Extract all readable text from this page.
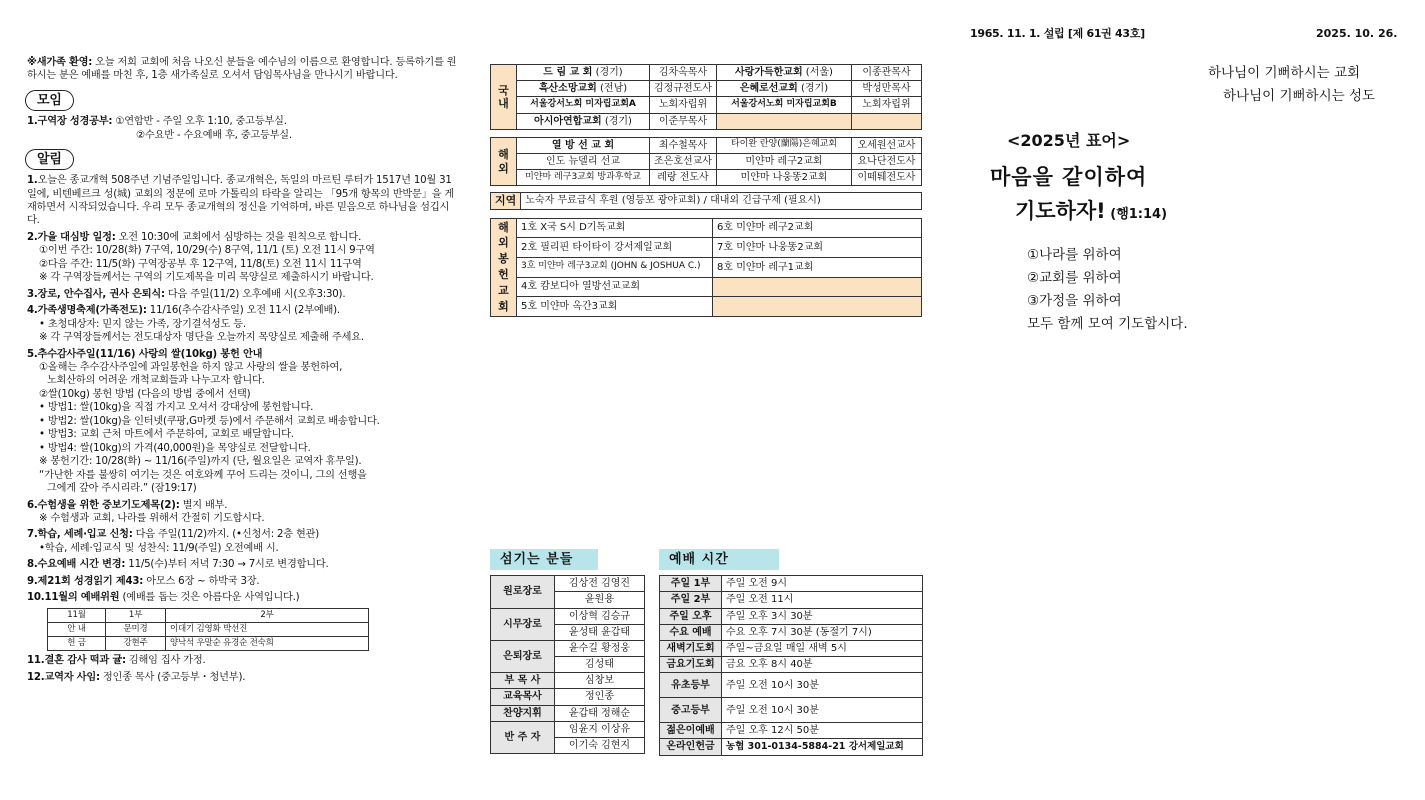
1965. 11. 1. 설립 [제 61권 43호]	2025. 10. 26.
※새가족 환영: 오늘 저희 교회에 처음 나오신 분들을 예수님의 이름으로 환영합니다. 등록하기를 원하시는 분은 예배를 마친 후, 1층 새가족실로 오셔서 담임목사님을 만나시기 바랍니다.
모임
1.구역장 성경공부: ①연합반 - 주일 오후 1:10, 중고등부실.
②수요반 - 수요예배 후, 중고등부실.
알림
1.오늘은 종교개혁 508주년 기념주일입니다. 종교개혁은, 독일의 마르틴 루터가 1517년 10월 31일에, 비텐베르크 성(城) 교회의 정문에 로마 가톨릭의 타락을 알리는 「95개 항목의 반박문」을 게재하면서 시작되었습니다. 우리 모두 종교개혁의 정신을 기억하며, 바른 믿음으로 하나님을 섬깁시다.
2.가을 대심방 일정: 오전 10:30에 교회에서 심방하는 것을 원칙으로 합니다.
①이번 주간: 10/28(화) 7구역, 10/29(수) 8구역, 11/1 (토) 오전 11시 9구역
②다음 주간: 11/5(화) 구역장공부 후 12구역, 11/8(토) 오전 11시 11구역
※ 각 구역장들께서는 구역의 기도제목을 미리 목양실로 제출하시기 바랍니다.
3.장로, 안수집사, 권사 은퇴식: 다음 주일(11/2) 오후예배 시(오후3:30).
4.가족생명축제(가족전도): 11/16(추수감사주일) 오전 11시 (2부예배).
• 초청대상자: 믿지 않는 가족, 장기결석성도 등.
※ 각 구역장들께서는 전도대상자 명단을 오늘까지 목양실로 제출해 주세요.
5.추수감사주일(11/16) 사랑의 쌀(10kg) 봉헌 안내
①올해는 추수감사주일에 과일봉헌을 하지 않고 사랑의 쌀을 봉헌하여,
노회산하의 어려운 개척교회들과 나누고자 합니다.
②쌀(10kg) 봉헌 방법 (다음의 방법 중에서 선택)
• 방법1: 쌀(10kg)을 직접 가지고 오셔서 강대상에 봉헌합니다.
• 방법2: 쌀(10kg)을 인터넷(쿠팡,G마켓 등)에서 주문해서 교회로 배송합니다.
• 방법3: 교회 근처 마트에서 주문하여, 교회로 배달합니다.
• 방법4: 쌀(10kg)의 가격(40,000원)을 목양실로 전달합니다.
※ 봉헌기간: 10/28(화) ~ 11/16(주일)까지 (단, 월요일은 교역자 휴무일).
“가난한 자를 불쌍히 여기는 것은 여호와께 꾸어 드리는 것이니, 그의 선행을
그에게 갚아 주시리라.” (잠19:17)
6.수험생을 위한 중보기도제목(2): 별지 배부.
※ 수험생과 교회, 나라를 위해서 간절히 기도합시다.
7.학습, 세례·입교 신청: 다음 주일(11/2)까지. (•신청서: 2층 현관)
•학습, 세례·입교식 및 성찬식: 11/9(주일) 오전예배 시.
8.수요예배 시간 변경: 11/5(수)부터 저녁 7:30 → 7시로 변경합니다.
9.제21회 성경읽기 제43: 아모스 6장 ~ 하박국 3장.
10.11월의 예배위원 (예배를 돕는 것은 아름다운 사역입니다.)
11월	1부	2부
안 내	문미경	이대기 김영화 박선진
헌 금	강현주	양낙석 우말순 유경순 전숙희
11.결혼 감사 떡과 귤: 김해임 집사 가정.
12.교역자 사임: 정인종 목사 (중고등부・청년부).
국 내	드 림 교 회 (경기)	김차옥목사	사랑가득한교회 (서울)	이종관목사
	흑산소망교회 (전남)	김정규전도사	은혜로선교회 (경기)	박성만목사
	서울강서노회 미자립교회A	노회자립위	서울강서노회 미자립교회B	노회자립위
	아시아연합교회 (경기)	이준무목사		
해 외	열 방 선 교 회	최수철목사	타이완 란양(蘭陽)은혜교회	오세원선교사
	인도 뉴델리 선교	조은호선교사	미얀마 레구2교회	요나단전도사
	미얀마 레구3교회 방과후학교	레랑 전도사	미얀마 나웅똥2교회	이떼퉤전도사
지역	노숙자 무료급식 후원 (영등포 광야교회) / 대내외 긴급구제 (필요시)
해 외 봉 헌 교 회	1호 X국 S시 D기독교회	6호 미얀마 레구2교회
	2호 필리핀 타이타이 강서제일교회	7호 미얀마 나웅똥2교회
	3호 미얀마 레구3교회 (JOHN & JOSHUA C.)	8호 미얀마 레구1교회
	4호 캄보디아 열방선교교회	
	5호 미얀마 옥간3교회	
섬기는 분들
원로장로	김상전 김영진
	윤원용
시무장로	이상혁 김승규
	윤성태 윤갑태
은퇴장로	윤수길 황정웅
	김성태
부 목 사	심창보
교육목사	정인종
찬양지휘	윤갑태 정해순
반 주 자	임윤지 이상유
	이기숙 김현지
예배 시간
주일 1부	주일 오전 9시
주일 2부	주일 오전 11시
주일 오후	주일 오후 3시 30분
수요 예배	수요 오후 7시 30분 (동절기 7시)
새벽기도회	주일~금요일 매일 새벽 5시
금요기도회	금요 오후 8시 40분
유초등부	주일 오전 10시 30분
중고등부	주일 오전 10시 30분
젊은이예배	주일 오후 12시 50분
온라인헌금	농협 301-0134-5884-21 강서제일교회
하나님이 기뻐하시는 교회
하나님이 기뻐하시는 성도
<2025년 표어>
마음을 같이하여
기도하자! (행1:14)
①나라를 위하여
②교회를 위하여
③가정을 위하여
모두 함께 모여 기도합시다.
